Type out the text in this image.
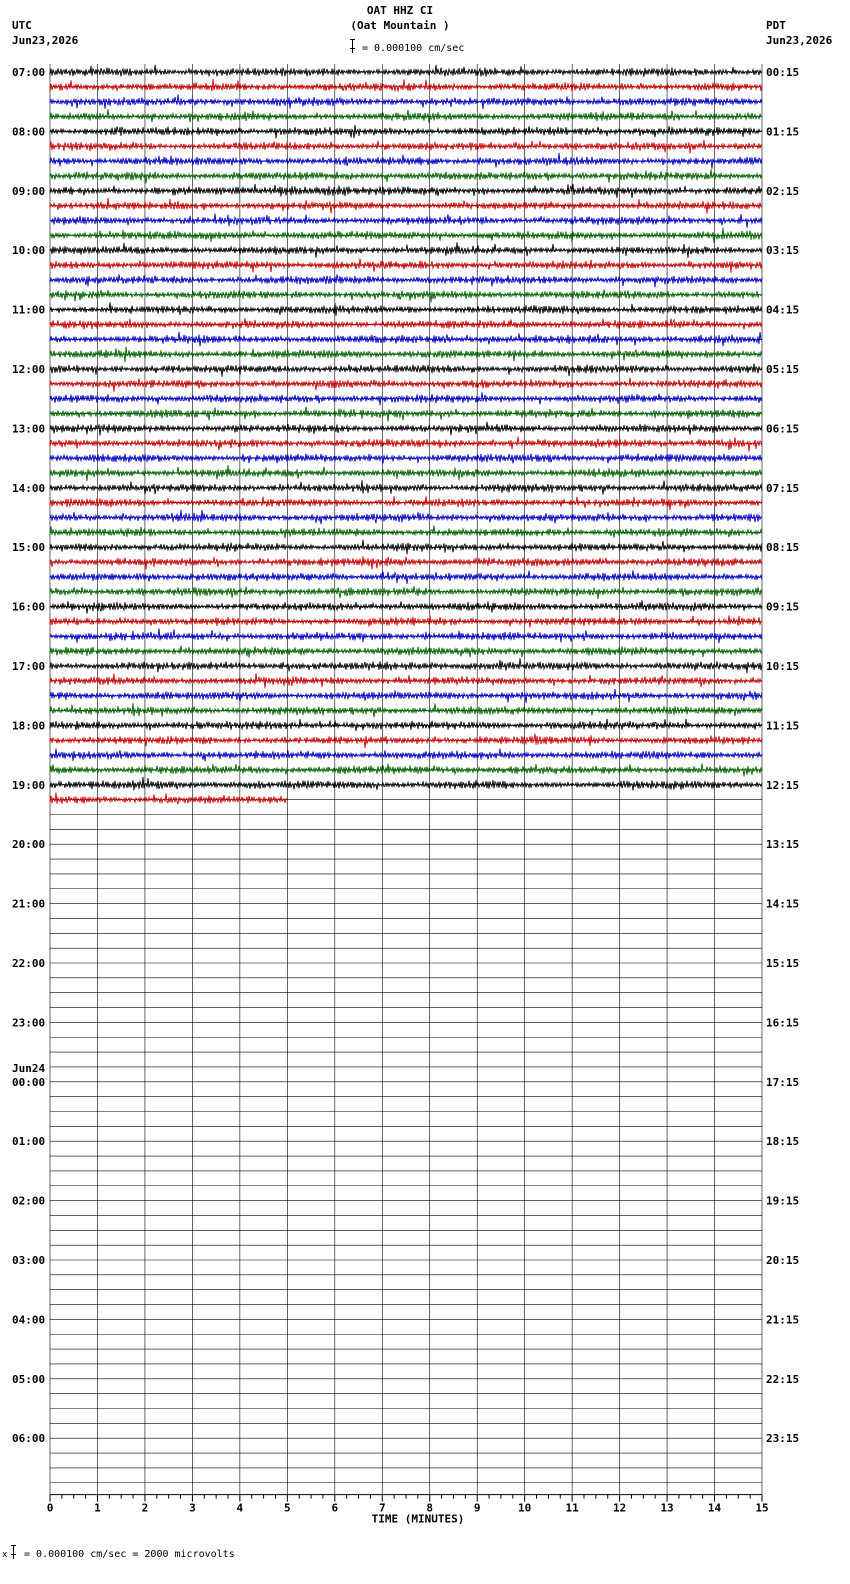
OAT HHZ CI
(Oat Mountain )
UTC
Jun23,2026
PDT
Jun23,2026
= 0.000100 cm/sec
0	1	2	3	4	5	6	7	8	9	10	11	12	13	14	15
TIME (MINUTES)
07:00
08:00
09:00
10:00
11:00
12:00
13:00
14:00
15:00
16:00
17:00
18:00
19:00
20:00
21:00
22:00
23:00
Jun24
00:00
01:00
02:00
03:00
04:00
05:00
06:00
00:15
01:15
02:15
03:15
04:15
05:15
06:15
07:15
08:15
09:15
10:15
11:15
12:15
13:15
14:15
15:15
16:15
17:15
18:15
19:15
20:15
21:15
22:15
23:15
x = 0.000100 cm/sec = 2000 microvolts
